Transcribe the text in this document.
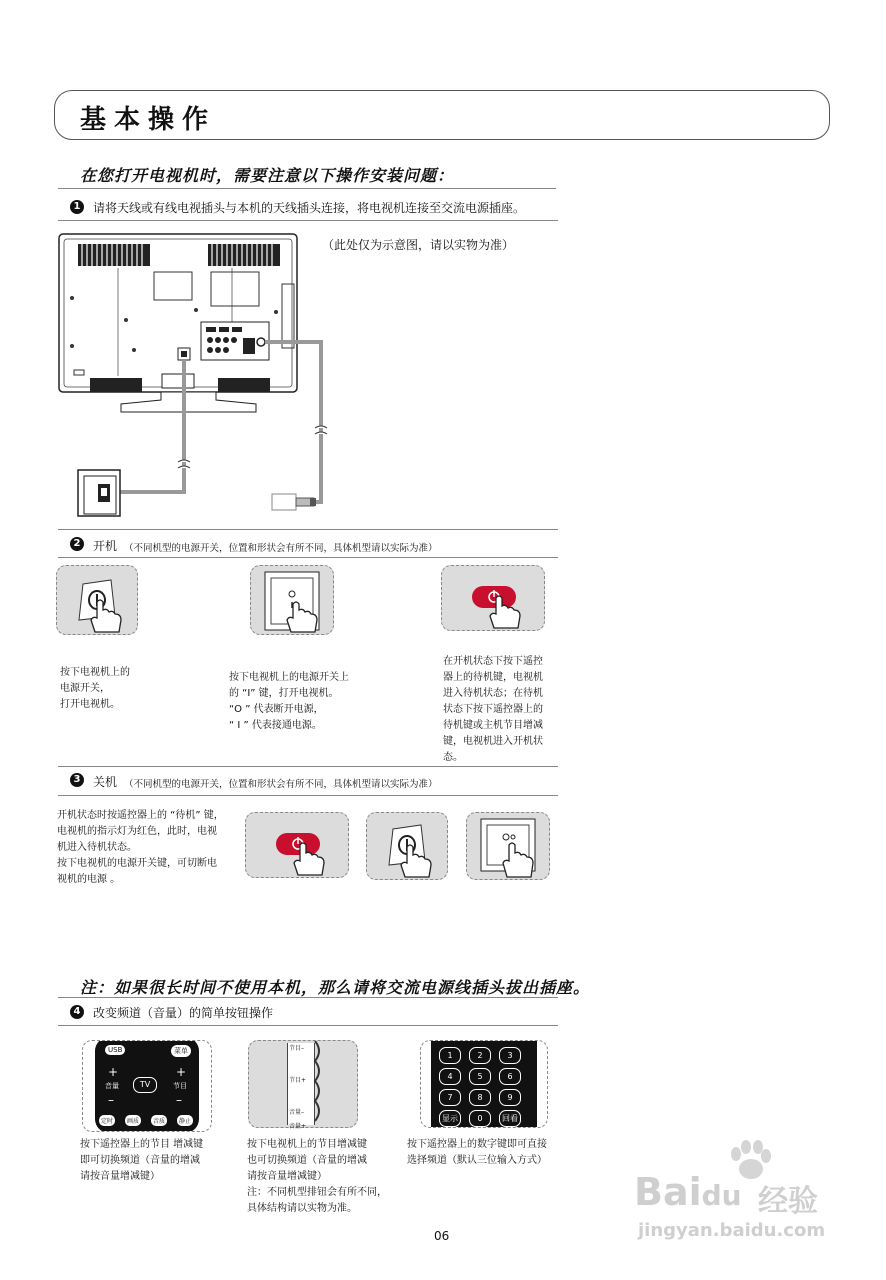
基本操作
在您打开电视机时，需要注意以下操作安装问题：
1 请将天线或有线电视插头与本机的天线插头连接，将电视机连接至交流电源插座。
（此处仅为示意图，请以实物为准）
2 开机 （不同机型的电源开关，位置和形状会有所不同，具体机型请以实际为准）
按下电视机上的
电源开关，
打开电视机。
按下电视机上的电源开关上
的 “I” 键，打开电视机。
“O ” 代表断开电源，
“ I ” 代表接通电源。
在开机状态下按下遥控
器上的待机键，电视机
进入待机状态；在待机
状态下按下遥控器上的
待机键或主机节目增减
键，电视机进入开机状
态。
3 关机 （不同机型的电源开关，位置和形状会有所不同，具体机型请以实际为准）
开机状态时按遥控器上的 “待机” 键，
电视机的指示灯为红色，此时，电视
机进入待机状态。
按下电视机的电源开关键，可切断电
视机的电源 。
注：如果很长时间不使用本机，那么请将交流电源线插头拔出插座。
4 改变频道（音量）的简单按钮操作
USB	菜单
+
音量
–
TV
+
节目
–
定时	画质	音质	静止
节目–
节目+
音量–
音量+
1	2	3
4	5	6
7	8	9
显示	0	回看
按下遥控器上的节目 增减键
即可切换频道（音量的增减
请按音量增减键）
按下电视机上的节目增减键
也可切换频道（音量的增减
请按音量增减键）
注：不同机型排钮会有所不同，
具体结构请以实物为准。
按下遥控器上的数字键即可直接
选择频道（默认三位输入方式）
06
Baidu 经验
jingyan.baidu.com
